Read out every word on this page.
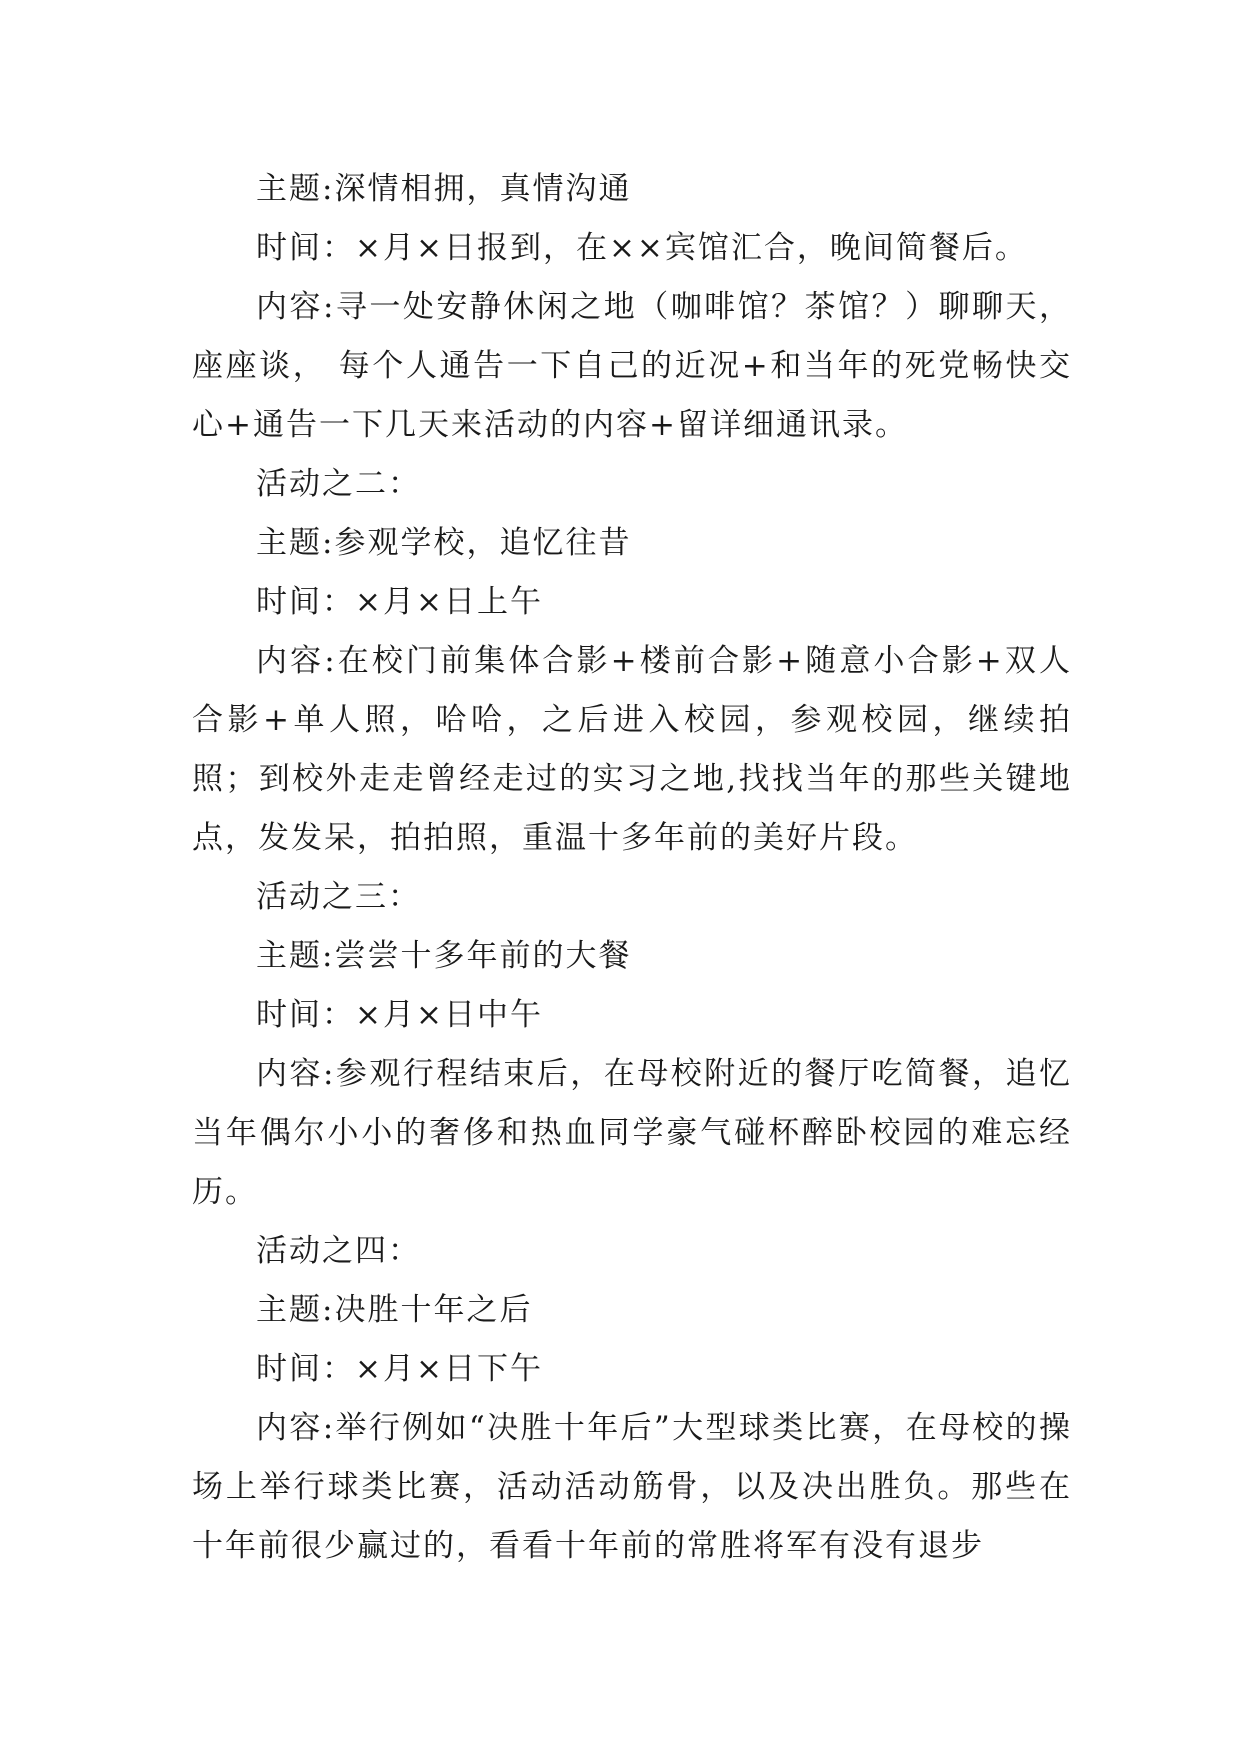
主题:深情相拥，真情沟通

时间：×月×日报到，在××宾馆汇合，晚间简餐后。

内容:寻一处安静休闲之地（咖啡馆？茶馆？）聊聊天，座座谈， 每个人通告一下自己的近况+和当年的死党畅快交心+通告一下几天来活动的内容+留详细通讯录。

活动之二：

主题:参观学校，追忆往昔

时间：×月×日上午

内容:在校门前集体合影+楼前合影+随意小合影+双人合影+单人照，哈哈，之后进入校园，参观校园，继续拍照；到校外走走曾经走过的实习之地,找找当年的那些关键地点，发发呆，拍拍照，重温十多年前的美好片段。

活动之三：

主题:尝尝十多年前的大餐

时间：×月×日中午

内容:参观行程结束后，在母校附近的餐厅吃简餐，追忆当年偶尔小小的奢侈和热血同学豪气碰杯醉卧校园的难忘经历。

活动之四：

主题:决胜十年之后

时间：×月×日下午

内容:举行例如“决胜十年后”大型球类比赛，在母校的操场上举行球类比赛，活动活动筋骨，以及决出胜负。那些在十年前很少赢过的，看看十年前的常胜将军有没有退步
